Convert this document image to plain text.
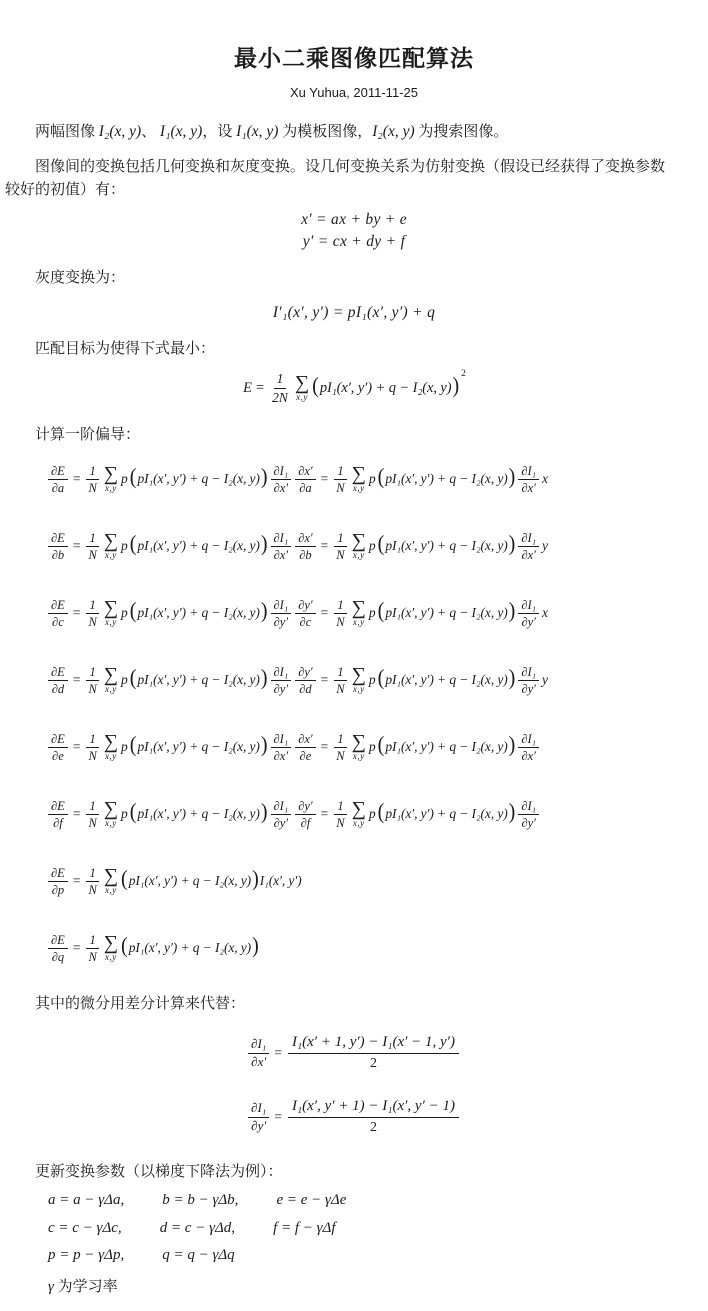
最小二乘图像匹配算法
Xu Yuhua, 2011-11-25

两幅图像 I₂(x, y)、 I₁(x, y)，设 I₁(x, y) 为模板图像，I₂(x, y) 为搜索图像。

图像间的变换包括几何变换和灰度变换。设几何变换关系为仿射变换（假设已经获得了变换参数较好的初值）有：

x′ = ax + by + e
y′ = cx + dy + f

灰度变换为：

I′₁(x′, y′) = pI₁(x′, y′) + q

匹配目标为使得下式最小：

$E = \frac{1}{2N}$ ∑
x,y ( pI₁(x′, y′) + q − I₂(x, y) ) 2

计算一阶偏导：

$\frac{\partial E}{\partial a} = \frac{1}{N}$ ∑
x,y
p ( pI₁(x′, y′) + q − I₂(x, y) ) $\frac{\text{∂I₁}}{\partial x'} \frac{\partial x'}{\partial a} = \frac{1}{N}$ ∑
x,y
p ( pI₁(x′, y′) + q − I₂(x, y) ) $\frac{\text{∂I₁}}{\partial x'}$ x
$\frac{\partial E}{\partial b} = \frac{1}{N}$ ∑
x,y
p ( pI₁(x′, y′) + q − I₂(x, y) ) $\frac{\text{∂I₁}}{\partial x'} \frac{\partial x'}{\partial b} = \frac{1}{N}$ ∑
x,y
p ( pI₁(x′, y′) + q − I₂(x, y) ) $\frac{\text{∂I₁}}{\partial x'}$ y
$\frac{\partial E}{\partial c} = \frac{1}{N}$ ∑
x,y
p ( pI₁(x′, y′) + q − I₂(x, y) ) $\frac{\text{∂I₁}}{\partial y'} \frac{\partial y'}{\partial c} = \frac{1}{N}$ ∑
x,y
p ( pI₁(x′, y′) + q − I₂(x, y) ) $\frac{\text{∂I₁}}{\partial y'}$ x
$\frac{\partial E}{\partial d} = \frac{1}{N}$ ∑
x,y
p ( pI₁(x′, y′) + q − I₂(x, y) ) $\frac{\text{∂I₁}}{\partial y'} \frac{\partial y'}{\partial d} = \frac{1}{N}$ ∑
x,y
p ( pI₁(x′, y′) + q − I₂(x, y) ) $\frac{\text{∂I₁}}{\partial y'}$ y
$\frac{\partial E}{\partial e} = \frac{1}{N}$ ∑
x,y
p ( pI₁(x′, y′) + q − I₂(x, y) ) $\frac{\text{∂I₁}}{\partial x'} \frac{\partial x'}{\partial e} = \frac{1}{N}$ ∑
x,y
p ( pI₁(x′, y′) + q − I₂(x, y) ) $\frac{\text{∂I₁}}{\partial x'}$
$\frac{\partial E}{\partial f} = \frac{1}{N}$ ∑
x,y
p ( pI₁(x′, y′) + q − I₂(x, y) ) $\frac{\text{∂I₁}}{\partial y'} \frac{\partial y'}{\partial f} = \frac{1}{N}$ ∑
x,y
p ( pI₁(x′, y′) + q − I₂(x, y) ) $\frac{\text{∂I₁}}{\partial y'}$
$\frac{\partial E}{\partial p} = \frac{1}{N}$ ∑
x,y ( pI₁(x′, y′) + q − I₂(x, y) ) I₁(x′, y′)
$\frac{\partial E}{\partial q} = \frac{1}{N}$ ∑
x,y ( pI₁(x′, y′) + q − I₂(x, y) )

其中的微分用差分计算来代替：

$\frac{\text{∂I₁}}{\partial x'} = \frac{\text{I₁(x′ + 1, y′) − I₁(x′ − 1, y′)}}{2}$
$\frac{\text{∂I₁}}{\partial y'} = \frac{\text{I₁(x′, y′ + 1) − I₁(x′, y′ − 1)}}{2}$

更新变换参数（以梯度下降法为例）：

a = a − γΔa,	b = b − γΔb,	e = e − γΔe
c = c − γΔc,	d = c − γΔd,	f = f − γΔf
p = p − γΔp,	q = q − γΔq
γ 为学习率
